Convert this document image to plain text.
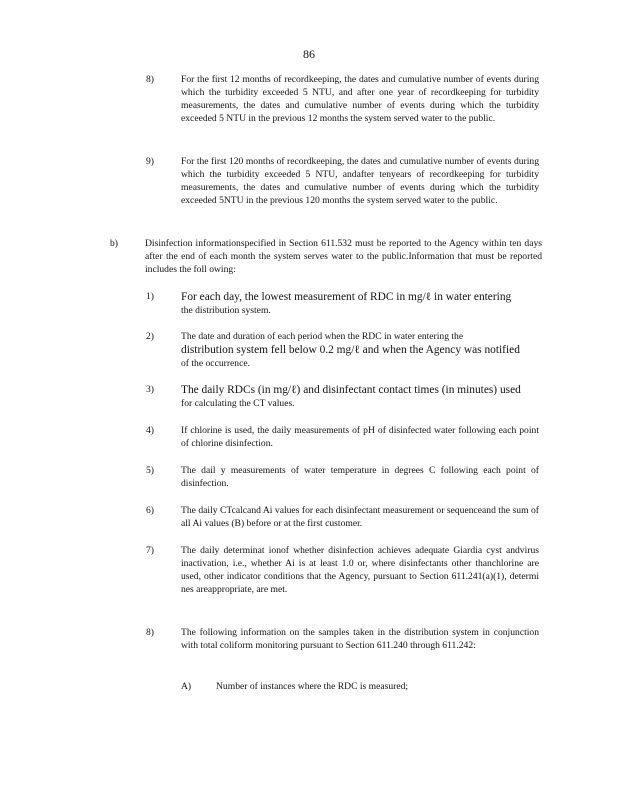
86
8)	For the first 12 months of recordkeeping, the dates and cumulative number of events during which the turbidity exceeded 5 NTU, and after one year of recordkeeping for turbidity measurements, the dates and cumulative number of events during which the turbidity exceeded 5 NTU in the previous 12 months the system served water to the public.
9)	For the first 120 months of recordkeeping, the dates and cumulative number of events during which the turbidity exceeded 5 NTU, andafter tenyears of recordkeeping for turbidity measurements, the dates and cumulative number of events during which the turbidity exceeded 5NTU in the previous 120 months the system served water to the public.
b)	Disinfection informationspecified in Section 611.532 must be reported to the Agency within ten days after the end of each month the system serves water to the public.Information that must be reported includes the foll owing:
1) For each day, the lowest measurement of RDC in mg/ℓ in water entering
the distribution system.
2)	The date and duration of each period when the RDC in water entering the
distribution system fell below 0.2 mg/ℓ and when the Agency was notified
of the occurrence.
3) The daily RDCs (in mg/ℓ) and disinfectant contact times (in minutes) used
for calculating the CT values.
4)	If chlorine is used, the daily measurements of pH of disinfected water following each point of chlorine disinfection.
5)	The dail y measurements of water temperature in degrees C following each point of disinfection.
6)	The daily CTcalcand Ai values for each disinfectant measurement or sequenceand the sum of all Ai values (B) before or at the first customer.
7)	The daily determinat ionof whether disinfection achieves adequate Giardia cyst andvirus inactivation, i.e., whether Ai is at least 1.0 or, where disinfectants other thanchlorine are used, other indicator conditions that the Agency, pursuant to Section 611.241(a)(1), determi nes areappropriate, are met.
8)	The following information on the samples taken in the distribution system in conjunction with total coliform monitoring pursuant to Section 611.240 through 611.242:
A)	Number of instances where the RDC is measured;
